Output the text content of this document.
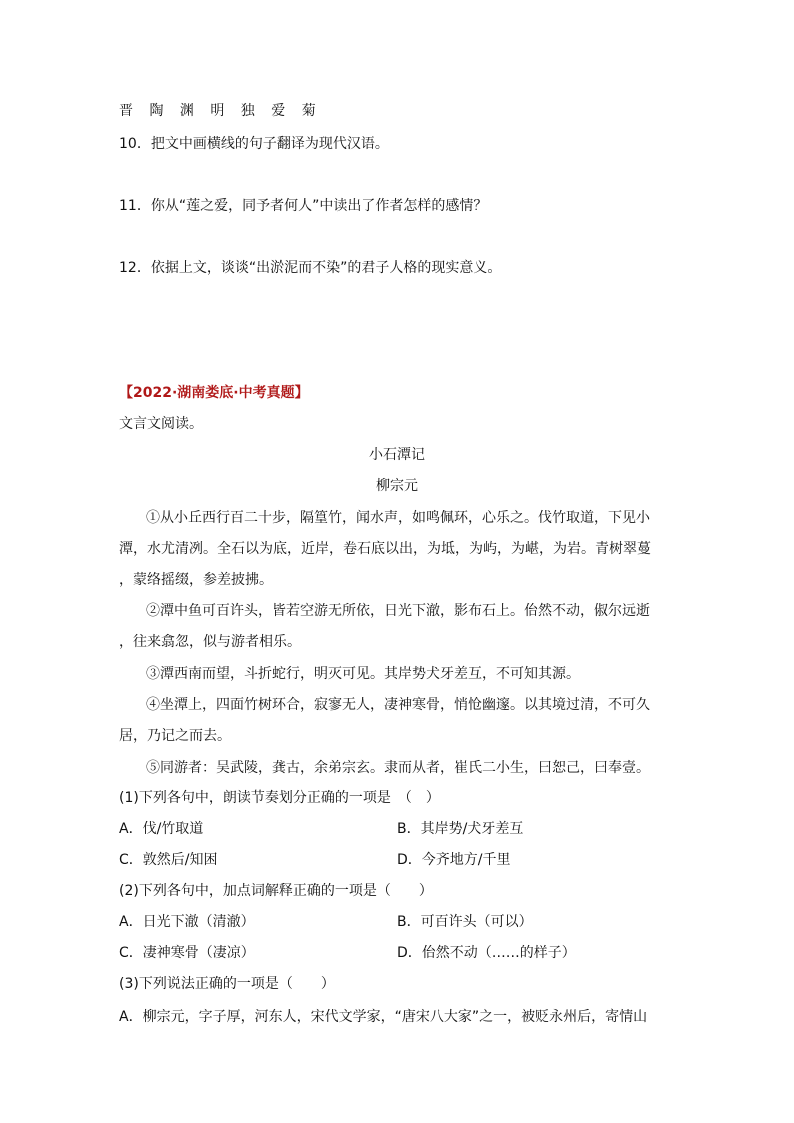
晋 陶 渊 明 独 爱 菊
10．把文中画横线的句子翻译为现代汉语。
11．你从“莲之爱，同予者何人”中读出了作者怎样的感情？
12．依据上文，谈谈“出淤泥而不染”的君子人格的现实意义。
【2022·湖南娄底·中考真题】
文言文阅读。
小石潭记
柳宗元
①从小丘西行百二十步，隔篁竹，闻水声，如鸣佩环，心乐之。伐竹取道，下见小
潭，水尤清冽。全石以为底，近岸，卷石底以出，为坻，为屿，为嵁，为岩。青树翠蔓
，蒙络摇缀，参差披拂。
②潭中鱼可百许头，皆若空游无所依，日光下澈，影布石上。佁然不动，俶尔远逝
，往来翕忽，似与游者相乐。
③潭西南而望，斗折蛇行，明灭可见。其岸势犬牙差互，不可知其源。
④坐潭上，四面竹树环合，寂寥无人，凄神寒骨，悄怆幽邃。以其境过清，不可久
居，乃记之而去。
⑤同游者：吴武陵，龚古，余弟宗玄。隶而从者，崔氏二小生，曰恕己，曰奉壹。
(1)下列各句中，朗读节奏划分正确的一项是　（　）
A．伐/竹取道	B．其岸势/犬牙差互
C．敦然后/知困	D．今齐地方/千里
(2)下列各句中，加点词解释正确的一项是（　　）
A．日光下澈（清澈）	B．可百许头（可以）
C．凄神寒骨（凄凉）	D．佁然不动（……的样子）
(3)下列说法正确的一项是（　　）
A．柳宗元，字子厚，河东人，宋代文学家，“唐宋八大家”之一，被贬永州后，寄情山
